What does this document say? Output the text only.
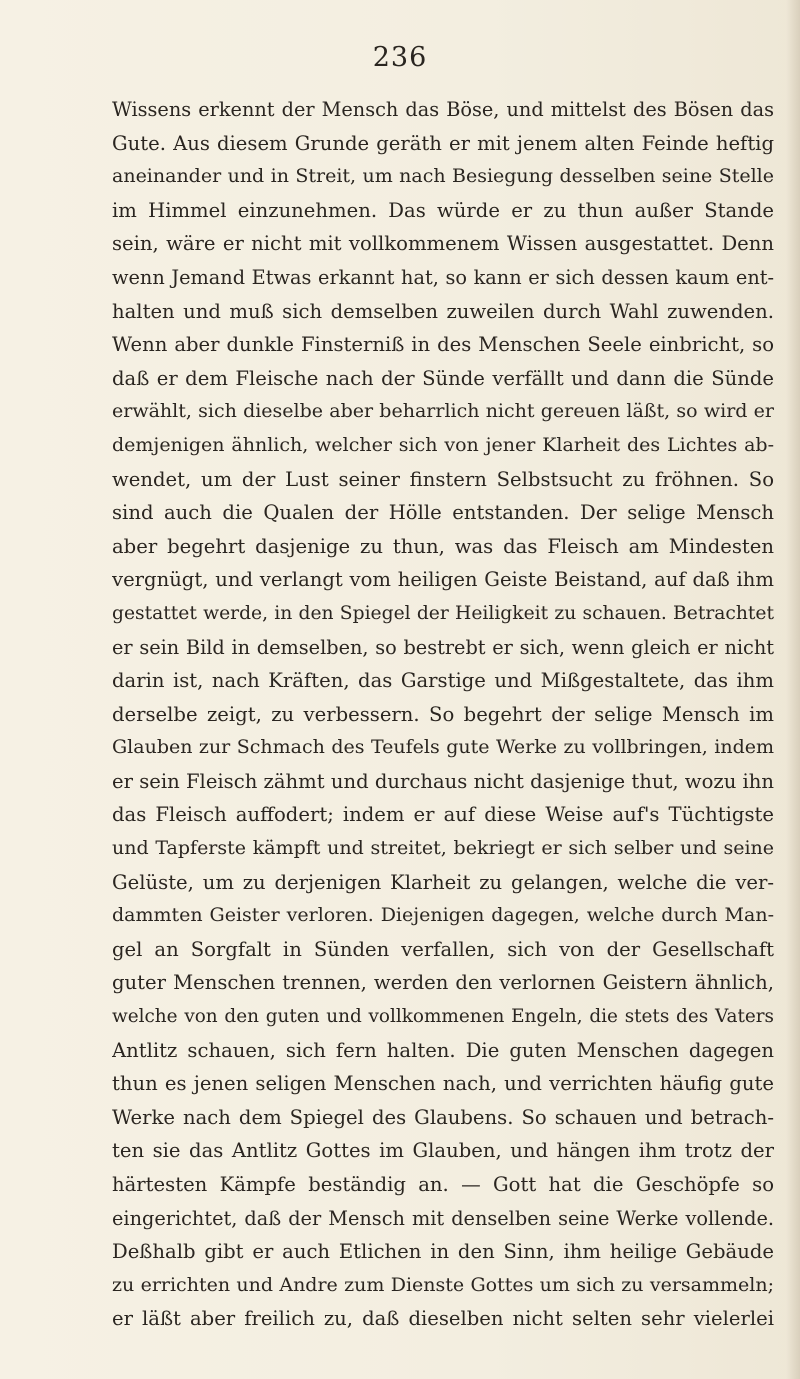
236
Wissens erkennt der Mensch das Böse, und mittelst des Bösen das
Gute. Aus diesem Grunde geräth er mit jenem alten Feinde heftig
aneinander und in Streit, um nach Besiegung desselben seine Stelle
im Himmel einzunehmen. Das würde er zu thun außer Stande
sein, wäre er nicht mit vollkommenem Wissen ausgestattet. Denn
wenn Jemand Etwas erkannt hat, so kann er sich dessen kaum ent-
halten und muß sich demselben zuweilen durch Wahl zuwenden.
Wenn aber dunkle Finsterniß in des Menschen Seele einbricht, so
daß er dem Fleische nach der Sünde verfällt und dann die Sünde
erwählt, sich dieselbe aber beharrlich nicht gereuen läßt, so wird er
demjenigen ähnlich, welcher sich von jener Klarheit des Lichtes ab-
wendet, um der Lust seiner finstern Selbstsucht zu fröhnen. So
sind auch die Qualen der Hölle entstanden. Der selige Mensch
aber begehrt dasjenige zu thun, was das Fleisch am Mindesten
vergnügt, und verlangt vom heiligen Geiste Beistand, auf daß ihm
gestattet werde, in den Spiegel der Heiligkeit zu schauen. Betrachtet
er sein Bild in demselben, so bestrebt er sich, wenn gleich er nicht
darin ist, nach Kräften, das Garstige und Mißgestaltete, das ihm
derselbe zeigt, zu verbessern. So begehrt der selige Mensch im
Glauben zur Schmach des Teufels gute Werke zu vollbringen, indem
er sein Fleisch zähmt und durchaus nicht dasjenige thut, wozu ihn
das Fleisch auffodert; indem er auf diese Weise auf's Tüchtigste
und Tapferste kämpft und streitet, bekriegt er sich selber und seine
Gelüste, um zu derjenigen Klarheit zu gelangen, welche die ver-
dammten Geister verloren. Diejenigen dagegen, welche durch Man-
gel an Sorgfalt in Sünden verfallen, sich von der Gesellschaft
guter Menschen trennen, werden den verlornen Geistern ähnlich,
welche von den guten und vollkommenen Engeln, die stets des Vaters
Antlitz schauen, sich fern halten. Die guten Menschen dagegen
thun es jenen seligen Menschen nach, und verrichten häufig gute
Werke nach dem Spiegel des Glaubens. So schauen und betrach-
ten sie das Antlitz Gottes im Glauben, und hängen ihm trotz der
härtesten Kämpfe beständig an. — Gott hat die Geschöpfe so
eingerichtet, daß der Mensch mit denselben seine Werke vollende.
Deßhalb gibt er auch Etlichen in den Sinn, ihm heilige Gebäude
zu errichten und Andre zum Dienste Gottes um sich zu versammeln;
er läßt aber freilich zu, daß dieselben nicht selten sehr vielerlei
